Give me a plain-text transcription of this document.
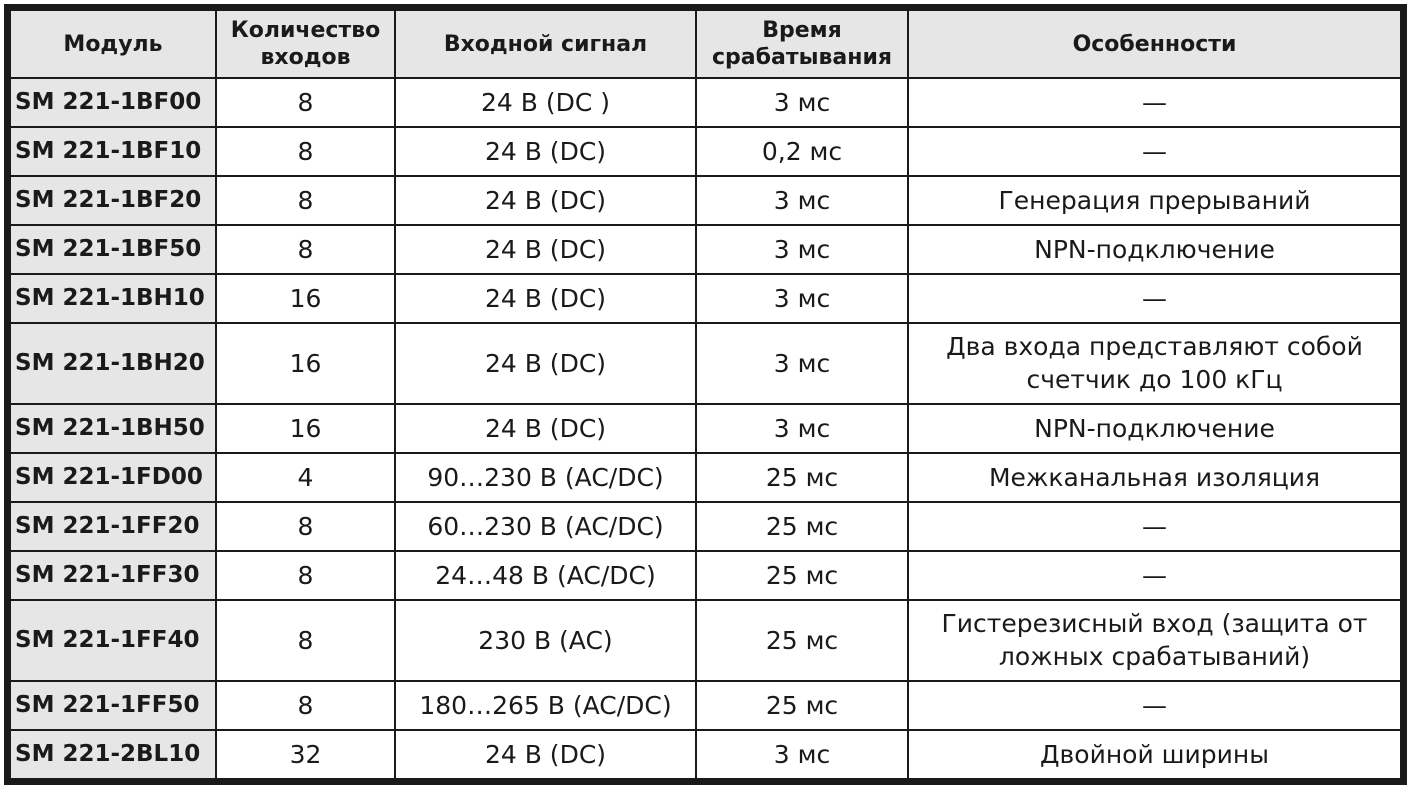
Модуль	Количество входов	Входной сигнал	Время срабатывания	Особенности
SM 221-1BF00	8	24 В (DC )	3 мс	—
SM 221-1BF10	8	24 В (DC)	0,2 мс	—
SM 221-1BF20	8	24 В (DC)	3 мс	Генерация прерываний
SM 221-1BF50	8	24 В (DC)	3 мс	NPN-подключение
SM 221-1BH10	16	24 В (DC)	3 мс	—
SM 221-1BH20	16	24 В (DC)	3 мс	Два входа представляют собой счетчик до 100 кГц
SM 221-1BH50	16	24 В (DC)	3 мс	NPN-подключение
SM 221-1FD00	4	90…230 В (AC/DC)	25 мс	Межканальная изоляция
SM 221-1FF20	8	60…230 В (AC/DC)	25 мс	—
SM 221-1FF30	8	24…48 В (AC/DC)	25 мс	—
SM 221-1FF40	8	230 В (AC)	25 мс	Гистерезисный вход (защита от ложных срабатываний)
SM 221-1FF50	8	180…265 В (AC/DC)	25 мс	—
SM 221-2BL10	32	24 В (DC)	3 мс	Двойной ширины
